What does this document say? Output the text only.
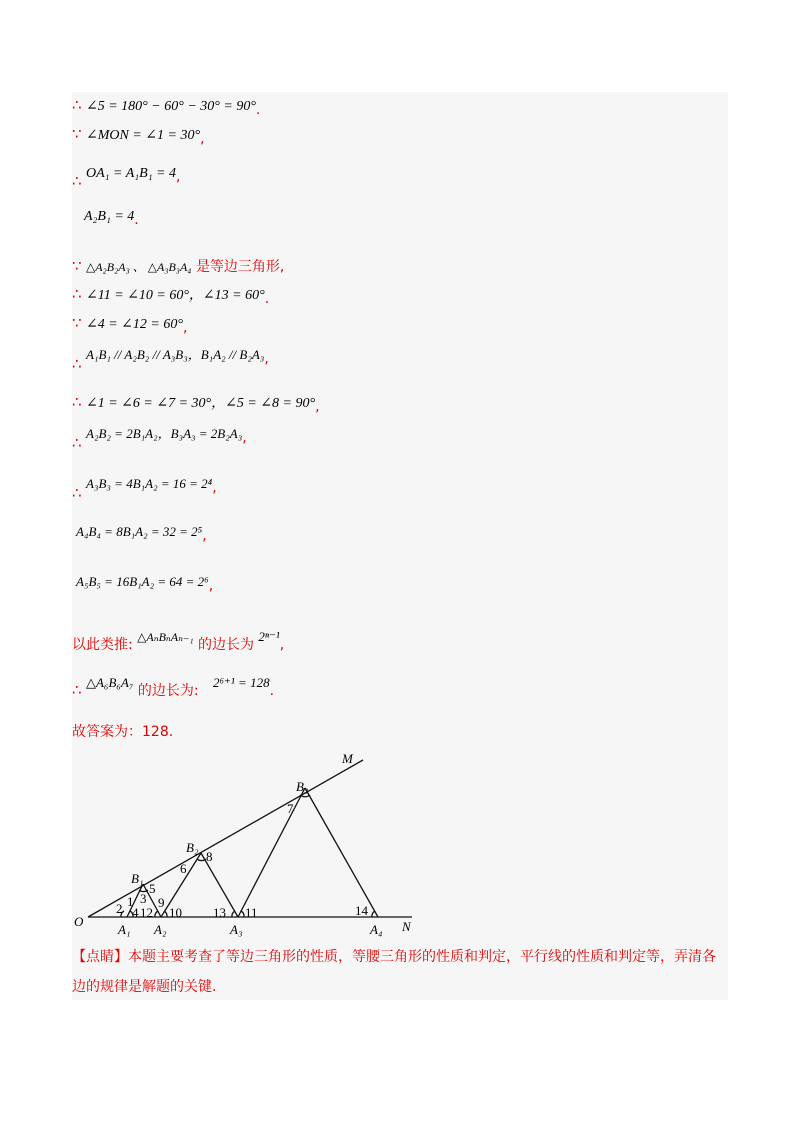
∴ ∠5 = 180° − 60° − 30° = 90°.
∵ ∠MON = ∠1 = 30°,
∴ OA₁ = A₁B₁ = 4,
A₂B₁ = 4.
∵ △A₂B₂A₃ 、 △A₃B₃A₄ 是等边三角形,
∴ ∠11 = ∠10 = 60°，∠13 = 60°.
∵ ∠4 = ∠12 = 60°,
∴ A₁B₁ // A₂B₂ // A₃B₃，B₁A₂ // B₂A₃,
∴ ∠1 = ∠6 = ∠7 = 30°，∠5 = ∠8 = 90°,
∴ A₂B₂ = 2B₁A₂，B₃A₃ = 2B₂A₃,
∴ A₃B₃ = 4B₁A₂ = 16 = 2⁴,
A₄B₄ = 8B₁A₂ = 32 = 2⁵,
A₅B₅ = 16B₁A₂ = 64 = 2⁶,
以此类推: △AₙBₙAₙ₋₁ 的边长为 2ⁿ⁻¹,
∴ △A₆B₆A₇ 的边长为: 2⁶⁺¹ = 128.
故答案为：128.
O
M
N
A₁ A₂	A₃	A₄
B₁
B₂
B₃
2 1
4
3
5
12
9
10
6
8
13 11
7
14
【点睛】本题主要考查了等边三角形的性质，等腰三角形的性质和判定，平行线的性质和判定等，弄清各边的规律是解题的关键.
